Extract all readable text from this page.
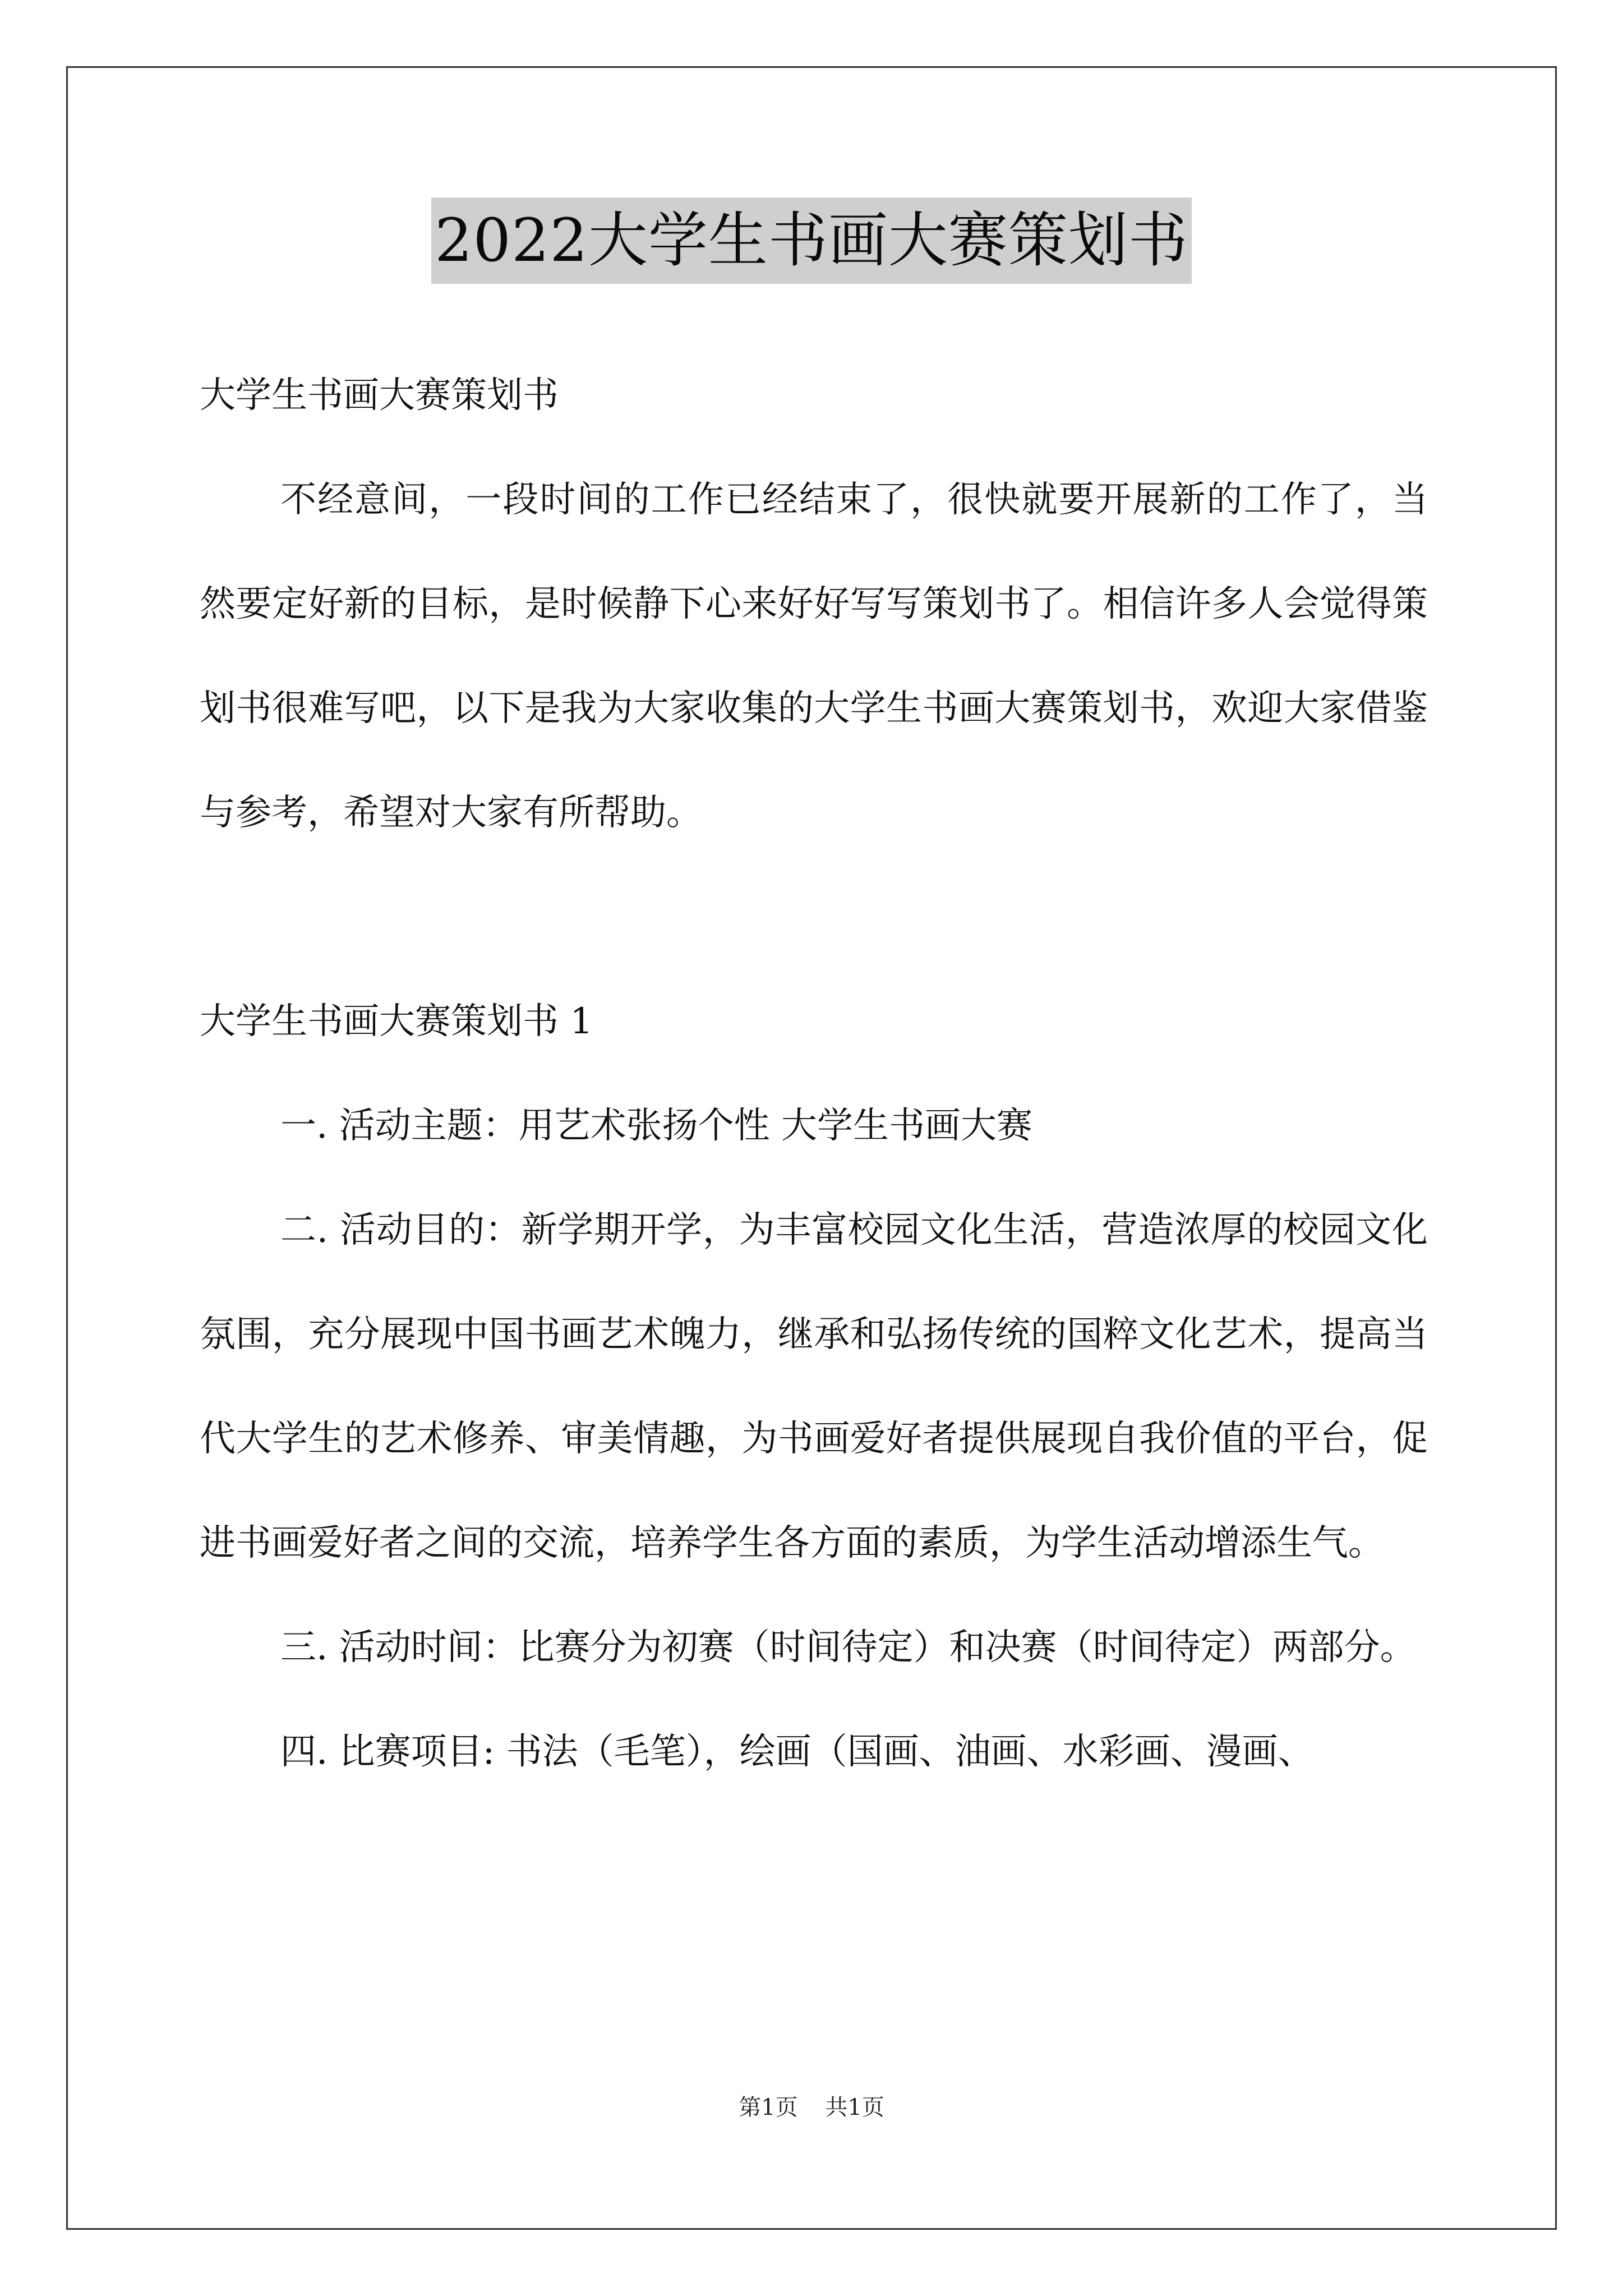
2022大学生书画大赛策划书

大学生书画大赛策划书

不经意间，一段时间的工作已经结束了，很快就要开展新的工作了，当然要定好新的目标，是时候静下心来好好写写策划书了。相信许多人会觉得策划书很难写吧，以下是我为大家收集的大学生书画大赛策划书，欢迎大家借鉴与参考，希望对大家有所帮助。

大学生书画大赛策划书 1

一. 活动主题：用艺术张扬个性 大学生书画大赛

二. 活动目的：新学期开学，为丰富校园文化生活，营造浓厚的校园文化氛围，充分展现中国书画艺术魄力，继承和弘扬传统的国粹文化艺术，提高当代大学生的艺术修养、审美情趣，为书画爱好者提供展现自我价值的平台，促进书画爱好者之间的交流，培养学生各方面的素质，为学生活动增添生气。

三. 活动时间：比赛分为初赛（时间待定）和决赛（时间待定）两部分。

四. 比赛项目: 书法（毛笔），绘画（国画、油画、水彩画、漫画、

第1页 共1页
